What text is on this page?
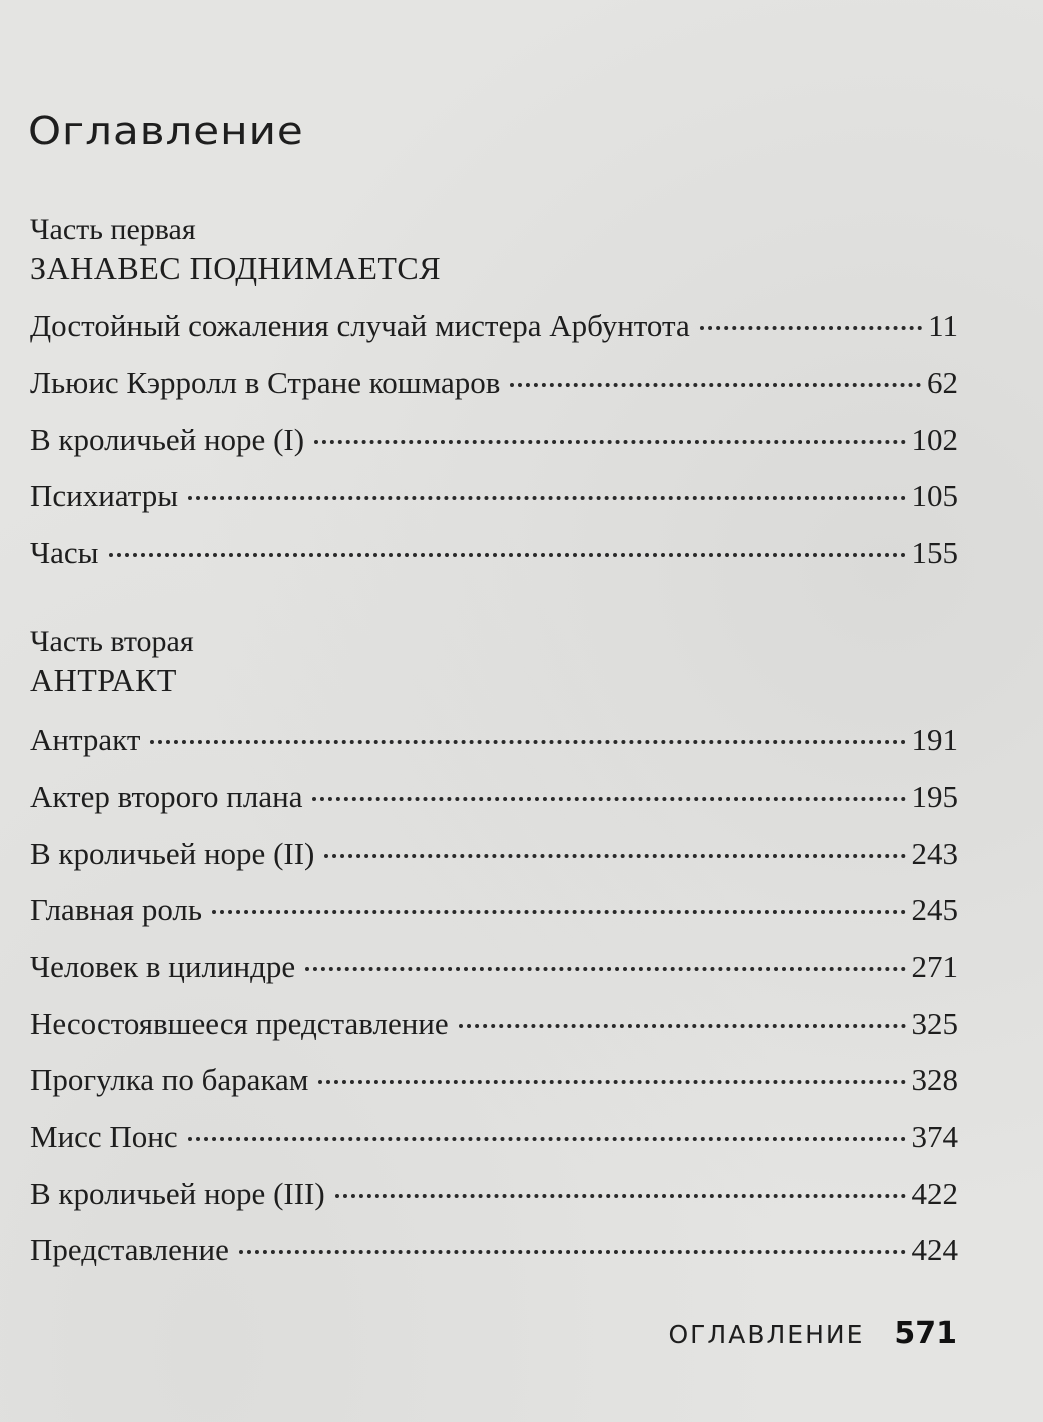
Оглавление
Часть первая
ЗАНАВЕС ПОДНИМАЕТСЯ
Достойный сожаления случай мистера Арбунтота	11
Льюис Кэрролл в Стране кошмаров	62
В кроличьей норе (I)	102
Психиатры	105
Часы	155
Часть вторая
АНТРАКТ
Антракт	191
Актер второго плана	195
В кроличьей норе (II)	243
Главная роль	245
Человек в цилиндре	271
Несостоявшееся представление	325
Прогулка по баракам	328
Мисс Понс	374
В кроличьей норе (III)	422
Представление	424
ОГЛАВЛЕНИЕ 571
